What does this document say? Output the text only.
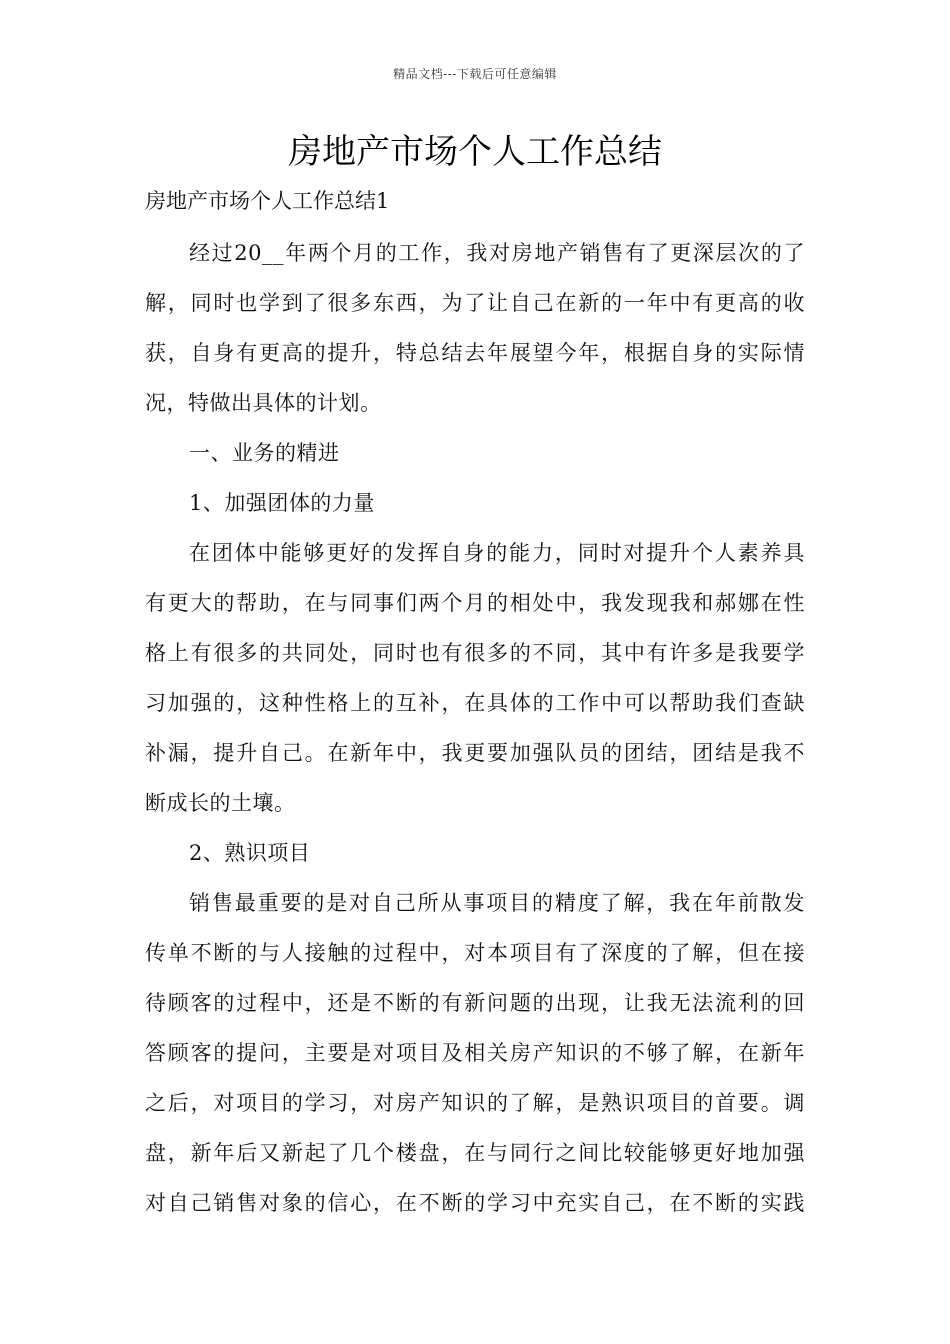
精品文档---下载后可任意编辑
房地产市场个人工作总结
房地产市场个人工作总结1
经过20__年两个月的工作，我对房地产销售有了更深层次的了
解，同时也学到了很多东西，为了让自己在新的一年中有更高的收
获，自身有更高的提升，特总结去年展望今年，根据自身的实际情
况，特做出具体的计划。
一、业务的精进
1、加强团体的力量
在团体中能够更好的发挥自身的能力，同时对提升个人素养具
有更大的帮助，在与同事们两个月的相处中，我发现我和郝娜在性
格上有很多的共同处，同时也有很多的不同，其中有许多是我要学
习加强的，这种性格上的互补，在具体的工作中可以帮助我们查缺
补漏，提升自己。在新年中，我更要加强队员的团结，团结是我不
断成长的土壤。
2、熟识项目
销售最重要的是对自己所从事项目的精度了解，我在年前散发
传单不断的与人接触的过程中，对本项目有了深度的了解，但在接
待顾客的过程中，还是不断的有新问题的出现，让我无法流利的回
答顾客的提问，主要是对项目及相关房产知识的不够了解，在新年
之后，对项目的学习，对房产知识的了解，是熟识项目的首要。调
盘，新年后又新起了几个楼盘，在与同行之间比较能够更好地加强
对自己销售对象的信心，在不断的学习中充实自己，在不断的实践
